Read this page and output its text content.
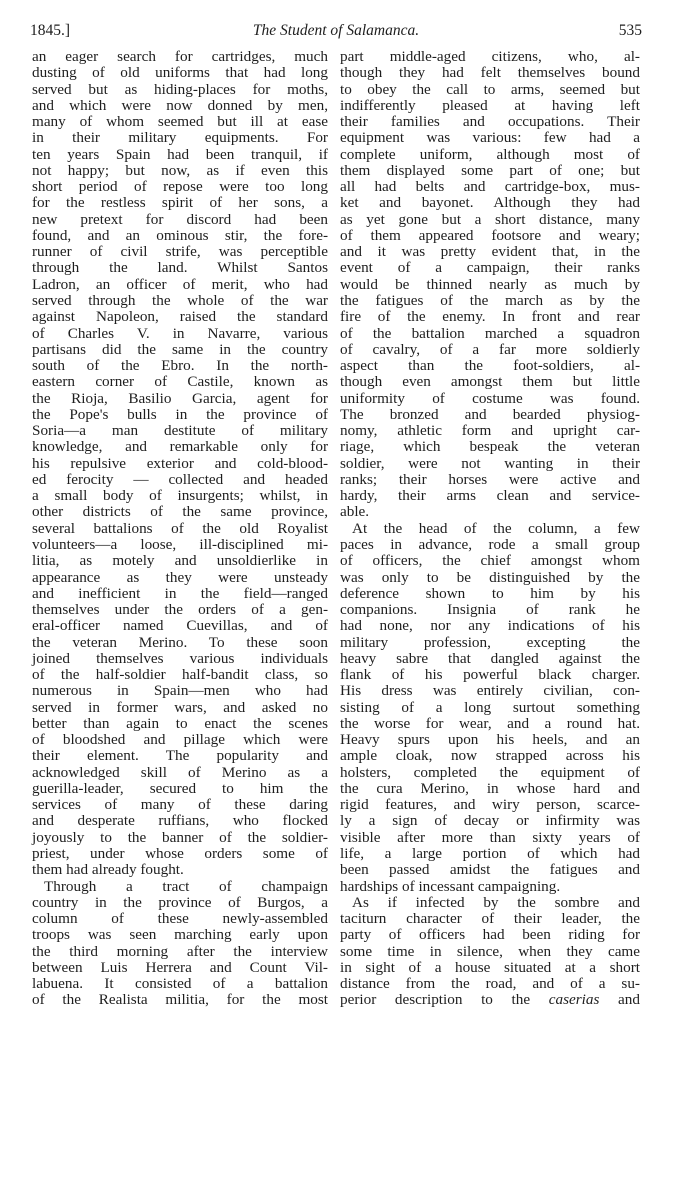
1845.]	The Student of Salamanca.	535
an eager search for cartridges, much
dusting of old uniforms that had long
served but as hiding-places for moths,
and which were now donned by men,
many of whom seemed but ill at ease
in their military equipments. For
ten years Spain had been tranquil, if
not happy; but now, as if even this
short period of repose were too long
for the restless spirit of her sons, a
new pretext for discord had been
found, and an ominous stir, the fore-
runner of civil strife, was perceptible
through the land. Whilst Santos
Ladron, an officer of merit, who had
served through the whole of the war
against Napoleon, raised the standard
of Charles V. in Navarre, various
partisans did the same in the country
south of the Ebro. In the north-
eastern corner of Castile, known as
the Rioja, Basilio Garcia, agent for
the Pope's bulls in the province of
Soria—a man destitute of military
knowledge, and remarkable only for
his repulsive exterior and cold-blood-
ed ferocity — collected and headed
a small body of insurgents; whilst, in
other districts of the same province,
several battalions of the old Royalist
volunteers—a loose, ill-disciplined mi-
litia, as motely and unsoldierlike in
appearance as they were unsteady
and inefficient in the field—ranged
themselves under the orders of a gen-
eral-officer named Cuevillas, and of
the veteran Merino. To these soon
joined themselves various individuals
of the half-soldier half-bandit class, so
numerous in Spain—men who had
served in former wars, and asked no
better than again to enact the scenes
of bloodshed and pillage which were
their element. The popularity and
acknowledged skill of Merino as a
guerilla-leader, secured to him the
services of many of these daring
and desperate ruffians, who flocked
joyously to the banner of the soldier-
priest, under whose orders some of
them had already fought.
Through a tract of champaign
country in the province of Burgos, a
column of these newly-assembled
troops was seen marching early upon
the third morning after the interview
between Luis Herrera and Count Vil-
labuena. It consisted of a battalion
of the Realista militia, for the most
part middle-aged citizens, who, al-
though they had felt themselves bound
to obey the call to arms, seemed but
indifferently pleased at having left
their families and occupations. Their
equipment was various: few had a
complete uniform, although most of
them displayed some part of one; but
all had belts and cartridge-box, mus-
ket and bayonet. Although they had
as yet gone but a short distance, many
of them appeared footsore and weary;
and it was pretty evident that, in the
event of a campaign, their ranks
would be thinned nearly as much by
the fatigues of the march as by the
fire of the enemy. In front and rear
of the battalion marched a squadron
of cavalry, of a far more soldierly
aspect than the foot-soldiers, al-
though even amongst them but little
uniformity of costume was found.
The bronzed and bearded physiog-
nomy, athletic form and upright car-
riage, which bespeak the veteran
soldier, were not wanting in their
ranks; their horses were active and
hardy, their arms clean and service-
able.
At the head of the column, a few
paces in advance, rode a small group
of officers, the chief amongst whom
was only to be distinguished by the
deference shown to him by his
companions. Insignia of rank he
had none, nor any indications of his
military profession, excepting the
heavy sabre that dangled against the
flank of his powerful black charger.
His dress was entirely civilian, con-
sisting of a long surtout something
the worse for wear, and a round hat.
Heavy spurs upon his heels, and an
ample cloak, now strapped across his
holsters, completed the equipment of
the cura Merino, in whose hard and
rigid features, and wiry person, scarce-
ly a sign of decay or infirmity was
visible after more than sixty years of
life, a large portion of which had
been passed amidst the fatigues and
hardships of incessant campaigning.
As if infected by the sombre and
taciturn character of their leader, the
party of officers had been riding for
some time in silence, when they came
in sight of a house situated at a short
distance from the road, and of a su-
perior description to the caserias and
